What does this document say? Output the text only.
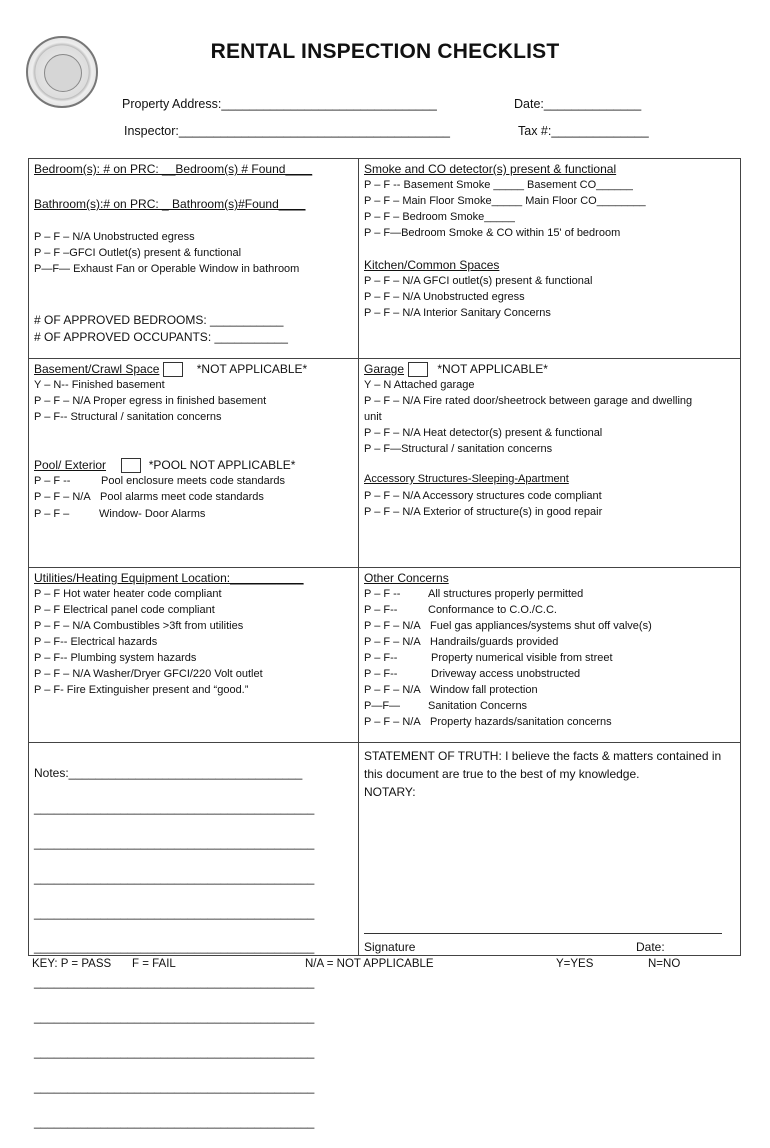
RENTAL INSPECTION CHECKLIST
Property Address:_______________________________	Date:______________
Inspector:_______________________________________	Tax #:______________
Bedroom(s): # on PRC: __Bedroom(s) # Found____
Bathroom(s):# on PRC: _ Bathroom(s)#Found____
P – F – N/A Unobstructed egress
P – F –GFCI Outlet(s) present & functional
P—F— Exhaust Fan or Operable Window in bathroom
# OF APPROVED BEDROOMS: ___________
# OF APPROVED OCCUPANTS: ___________
Smoke and CO detector(s) present & functional
P – F -- Basement Smoke _____ Basement CO______
P – F – Main Floor Smoke_____ Main Floor CO________
P – F – Bedroom Smoke_____
P – F—Bedroom Smoke & CO within 15' of bedroom
Kitchen/Common Spaces
P – F – N/A GFCI outlet(s) present & functional
P – F – N/A Unobstructed egress
P – F – N/A Interior Sanitary Concerns
Basement/Crawl Space	*NOT APPLICABLE*
Y – N-- Finished basement
P – F – N/A Proper egress in finished basement
P – F-- Structural / sanitation concerns
Pool/ Exterior	*POOL NOT APPLICABLE*
P – F --	Pool enclosure meets code standards
P – F – N/A Pool alarms meet code standards
P – F –	Window- Door Alarms
Garage	*NOT APPLICABLE*
Y – N Attached garage
P – F – N/A Fire rated door/sheetrock between garage and dwelling
unit
P – F – N/A Heat detector(s) present & functional
P – F—Structural / sanitation concerns
Accessory Structures-Sleeping-Apartment
P – F – N/A Accessory structures code compliant
P – F – N/A Exterior of structure(s) in good repair
Utilities/Heating Equipment Location:___________
P – F Hot water heater code compliant
P – F Electrical panel code compliant
P – F – N/A Combustibles >3ft from utilities
P – F-- Electrical hazards
P – F-- Plumbing system hazards
P – F – N/A Washer/Dryer GFCI/220 Volt outlet
P – F- Fire Extinguisher present and “good.”
Other Concerns
P – F --	All structures properly permitted
P – F--	Conformance to C.O./C.C.
P – F – N/A Fuel gas appliances/systems shut off valve(s)
P – F – N/A Handrails/guards provided
P – F--	Property numerical visible from street
P – F--	Driveway access unobstructed
P – F – N/A Window fall protection
P—F—	Sanitation Concerns
P – F – N/A Property hazards/sanitation concerns

Notes:___________________________________

__________________________________________

__________________________________________

__________________________________________

__________________________________________

__________________________________________

__________________________________________

__________________________________________

__________________________________________

__________________________________________

__________________________________________

STATEMENT OF TRUTH: I believe the facts & matters contained in this document are true to the best of my knowledge.
NOTARY:
Signature	Date:
KEY: P = PASS F = FAIL	N/A = NOT APPLICABLE	Y=YES	N=NO
